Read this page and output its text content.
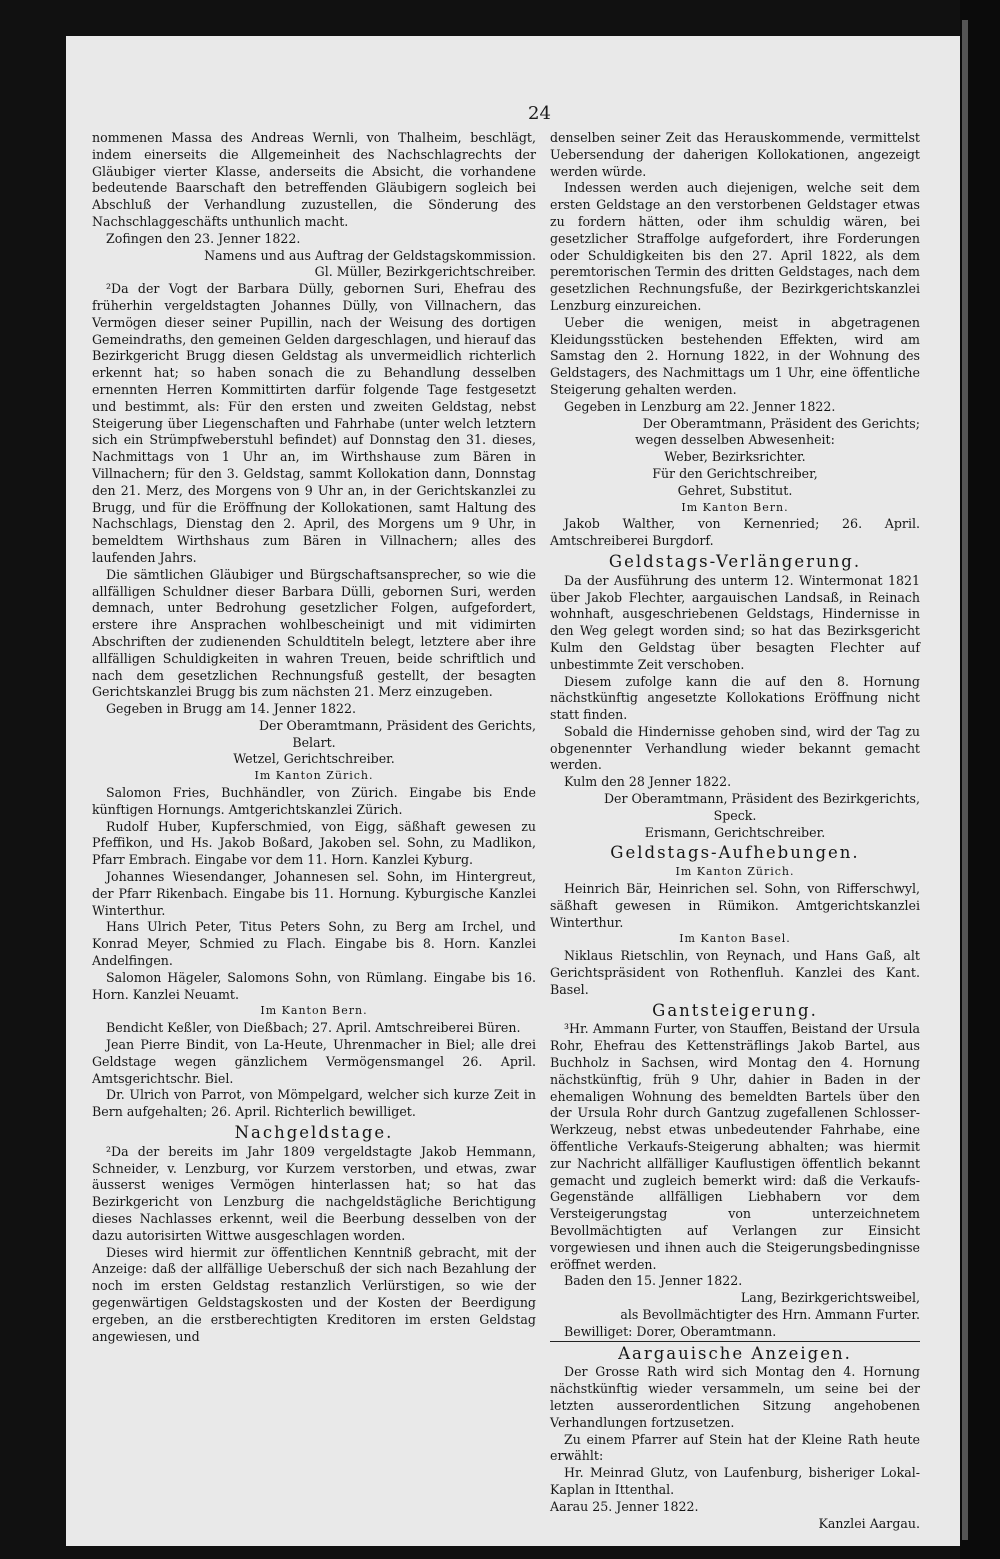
24

nommenen Massa des Andreas Wernli, von Thalheim, beschlägt, indem einerseits die Allgemeinheit des Nachschlagrechts der Gläubiger vierter Klasse, anderseits die Absicht, die vorhandene bedeutende Baarschaft den betreffenden Gläubigern sogleich bei Abschluß der Verhandlung zuzustellen, die Sönderung des Nachschlaggeschäfts unthunlich macht.

Zofingen den 23. Jenner 1822.

Namens und aus Auftrag der Geldstagskommission.

Gl. Müller, Bezirkgerichtschreiber.

²Da der Vogt der Barbara Dülly, gebornen Suri, Ehefrau des früherhin vergeldstagten Johannes Dülly, von Villnachern, das Vermögen dieser seiner Pupillin, nach der Weisung des dortigen Gemeindraths, den gemeinen Gelden dargeschlagen, und hierauf das Bezirkgericht Brugg diesen Geldstag als unvermeidlich richterlich erkennt hat; so haben sonach die zu Behandlung desselben ernennten Herren Kommittirten darfür folgende Tage festgesetzt und bestimmt, als: Für den ersten und zweiten Geldstag, nebst Steigerung über Liegenschaften und Fahrhabe (unter welch letztern sich ein Strümpfweberstuhl befindet) auf Donnstag den 31. dieses, Nachmittags von 1 Uhr an, im Wirthshause zum Bären in Villnachern; für den 3. Geldstag, sammt Kollokation dann, Donnstag den 21. Merz, des Morgens von 9 Uhr an, in der Gerichtskanzlei zu Brugg, und für die Eröffnung der Kollokationen, samt Haltung des Nachschlags, Dienstag den 2. April, des Morgens um 9 Uhr, in bemeldtem Wirthshaus zum Bären in Villnachern; alles des laufenden Jahrs.

Die sämtlichen Gläubiger und Bürgschaftsansprecher, so wie die allfälligen Schuldner dieser Barbara Dülli, gebornen Suri, werden demnach, unter Bedrohung gesetzlicher Folgen, aufgefordert, erstere ihre Ansprachen wohlbescheinigt und mit vidimirten Abschriften der zudienenden Schuldtiteln belegt, letztere aber ihre allfälligen Schuldigkeiten in wahren Treuen, beide schriftlich und nach dem gesetzlichen Rechnungsfuß gestellt, der besagten Gerichtskanzlei Brugg bis zum nächsten 21. Merz einzugeben.

Gegeben in Brugg am 14. Jenner 1822.

Der Oberamtmann, Präsident des Gerichts,

Belart.

Wetzel, Gerichtschreiber.

Im Kanton Zürich.

Salomon Fries, Buchhändler, von Zürich. Eingabe bis Ende künftigen Hornungs. Amtgerichtskanzlei Zürich.

Rudolf Huber, Kupferschmied, von Eigg, säßhaft gewesen zu Pfeffikon, und Hs. Jakob Boßard, Jakoben sel. Sohn, zu Madlikon, Pfarr Embrach. Eingabe vor dem 11. Horn. Kanzlei Kyburg.

Johannes Wiesendanger, Johannesen sel. Sohn, im Hintergreut, der Pfarr Rikenbach. Eingabe bis 11. Hornung. Kyburgische Kanzlei Winterthur.

Hans Ulrich Peter, Titus Peters Sohn, zu Berg am Irchel, und Konrad Meyer, Schmied zu Flach. Eingabe bis 8. Horn. Kanzlei Andelfingen.

Salomon Hägeler, Salomons Sohn, von Rümlang. Eingabe bis 16. Horn. Kanzlei Neuamt.

Im Kanton Bern.

Bendicht Keßler, von Dießbach; 27. April. Amtschreiberei Büren.

Jean Pierre Bindit, von La-Heute, Uhrenmacher in Biel; alle drei Geldstage wegen gänzlichem Vermögensmangel 26. April. Amtsgerichtschr. Biel.

Dr. Ulrich von Parrot, von Mömpelgard, welcher sich kurze Zeit in Bern aufgehalten; 26. April. Richterlich bewilliget.

Nachgeldstage.

²Da der bereits im Jahr 1809 vergeldstagte Jakob Hemmann, Schneider, v. Lenzburg, vor Kurzem verstorben, und etwas, zwar äusserst weniges Vermögen hinterlassen hat; so hat das Bezirkgericht von Lenzburg die nachgeldstägliche Berichtigung dieses Nachlasses erkennt, weil die Beerbung desselben von der dazu autorisirten Wittwe ausgeschlagen worden.

Dieses wird hiermit zur öffentlichen Kenntniß gebracht, mit der Anzeige: daß der allfällige Ueberschuß der sich nach Bezahlung der noch im ersten Geldstag restanzlich Verlürstigen, so wie der gegenwärtigen Geldstagskosten und der Kosten der Beerdigung ergeben, an die erstberechtigten Kreditoren im ersten Geldstag angewiesen, und

denselben seiner Zeit das Herauskommende, vermittelst Uebersendung der daherigen Kollokationen, angezeigt werden würde.

Indessen werden auch diejenigen, welche seit dem ersten Geldstage an den verstorbenen Geldstager etwas zu fordern hätten, oder ihm schuldig wären, bei gesetzlicher Straffolge aufgefordert, ihre Forderungen oder Schuldigkeiten bis den 27. April 1822, als dem peremtorischen Termin des dritten Geldstages, nach dem gesetzlichen Rechnungsfuße, der Bezirkgerichtskanzlei Lenzburg einzureichen.

Ueber die wenigen, meist in abgetragenen Kleidungsstücken bestehenden Effekten, wird am Samstag den 2. Hornung 1822, in der Wohnung des Geldstagers, des Nachmittags um 1 Uhr, eine öffentliche Steigerung gehalten werden.

Gegeben in Lenzburg am 22. Jenner 1822.

Der Oberamtmann, Präsident des Gerichts;

wegen desselben Abwesenheit:

Weber, Bezirksrichter.

Für den Gerichtschreiber,

Gehret, Substitut.

Im Kanton Bern.

Jakob Walther, von Kernenried; 26. April. Amtschreiberei Burgdorf.

Geldstags-Verlängerung.

Da der Ausführung des unterm 12. Wintermonat 1821 über Jakob Flechter, aargauischen Landsaß, in Reinach wohnhaft, ausgeschriebenen Geldstags, Hindernisse in den Weg gelegt worden sind; so hat das Bezirksgericht Kulm den Geldstag über besagten Flechter auf unbestimmte Zeit verschoben.

Diesem zufolge kann die auf den 8. Hornung nächstkünftig angesetzte Kollokations Eröffnung nicht statt finden.

Sobald die Hindernisse gehoben sind, wird der Tag zu obgenennter Verhandlung wieder bekannt gemacht werden.

Kulm den 28 Jenner 1822.

Der Oberamtmann, Präsident des Bezirkgerichts,

Speck.

Erismann, Gerichtschreiber.

Geldstags-Aufhebungen.

Im Kanton Zürich.

Heinrich Bär, Heinrichen sel. Sohn, von Rifferschwyl, säßhaft gewesen in Rümikon. Amtgerichtskanzlei Winterthur.

Im Kanton Basel.

Niklaus Rietschlin, von Reynach, und Hans Gaß, alt Gerichtspräsident von Rothenfluh. Kanzlei des Kant. Basel.

Gantsteigerung.

³Hr. Ammann Furter, von Stauffen, Beistand der Ursula Rohr, Ehefrau des Kettensträflings Jakob Bartel, aus Buchholz in Sachsen, wird Montag den 4. Hornung nächstkünftig, früh 9 Uhr, dahier in Baden in der ehemaligen Wohnung des bemeldten Bartels über den der Ursula Rohr durch Gantzug zugefallenen Schlosser-Werkzeug, nebst etwas unbedeutender Fahrhabe, eine öffentliche Verkaufs-Steigerung abhalten; was hiermit zur Nachricht allfälliger Kauflustigen öffentlich bekannt gemacht und zugleich bemerkt wird: daß die Verkaufs-Gegenstände allfälligen Liebhabern vor dem Versteigerungstag von unterzeichnetem Bevollmächtigten auf Verlangen zur Einsicht vorgewiesen und ihnen auch die Steigerungsbedingnisse eröffnet werden.

Baden den 15. Jenner 1822.

Lang, Bezirkgerichtsweibel,

als Bevollmächtigter des Hrn. Ammann Furter.

Bewilliget: Dorer, Oberamtmann.

Aargauische Anzeigen.

Der Grosse Rath wird sich Montag den 4. Hornung nächstkünftig wieder versammeln, um seine bei der letzten ausserordentlichen Sitzung angehobenen Verhandlungen fortzusetzen.

Zu einem Pfarrer auf Stein hat der Kleine Rath heute erwählt:

Hr. Meinrad Glutz, von Laufenburg, bisheriger Lokal-Kaplan in Ittenthal.

Aarau 25. Jenner 1822.

Kanzlei Aargau.
